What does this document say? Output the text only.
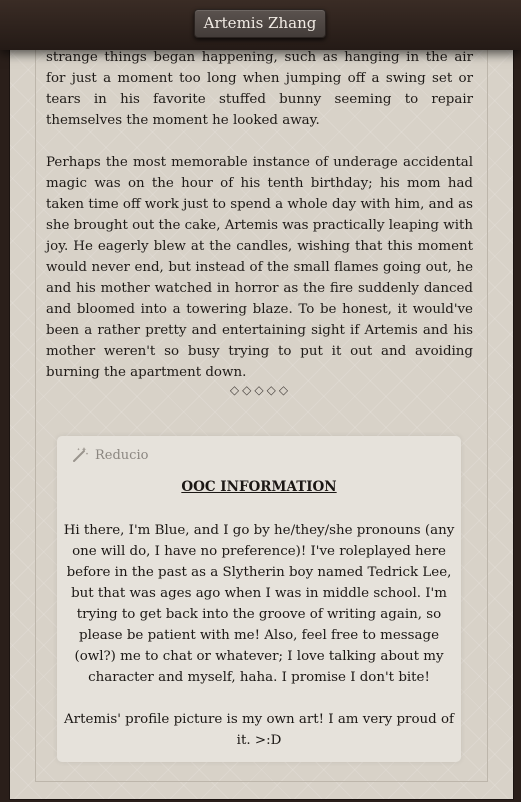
Artemis Zhang

strange things began happening, such as hanging in the air for just a moment too long when jumping off a swing set or tears in his favorite stuffed bunny seeming to repair themselves the moment he looked away.

Perhaps the most memorable instance of underage accidental magic was on the hour of his tenth birthday; his mom had taken time off work just to spend a whole day with him, and as she brought out the cake, Artemis was practically leaping with joy. He eagerly blew at the candles, wishing that this moment would never end, but instead of the small flames going out, he and his mother watched in horror as the fire suddenly danced and bloomed into a towering blaze. To be honest, it would've been a rather pretty and entertaining sight if Artemis and his mother weren't so busy trying to put it out and avoiding burning the apartment down.

◇◇◇◇◇
Reducio
OOC INFORMATION

Hi there, I'm Blue, and I go by he/they/she pronouns (any one will do, I have no preference)! I've roleplayed here before in the past as a Slytherin boy named Tedrick Lee, but that was ages ago when I was in middle school. I'm trying to get back into the groove of writing again, so please be patient with me! Also, feel free to message (owl?) me to chat or whatever; I love talking about my character and myself, haha. I promise I don't bite!

Artemis' profile picture is my own art! I am very proud of it. >:D
